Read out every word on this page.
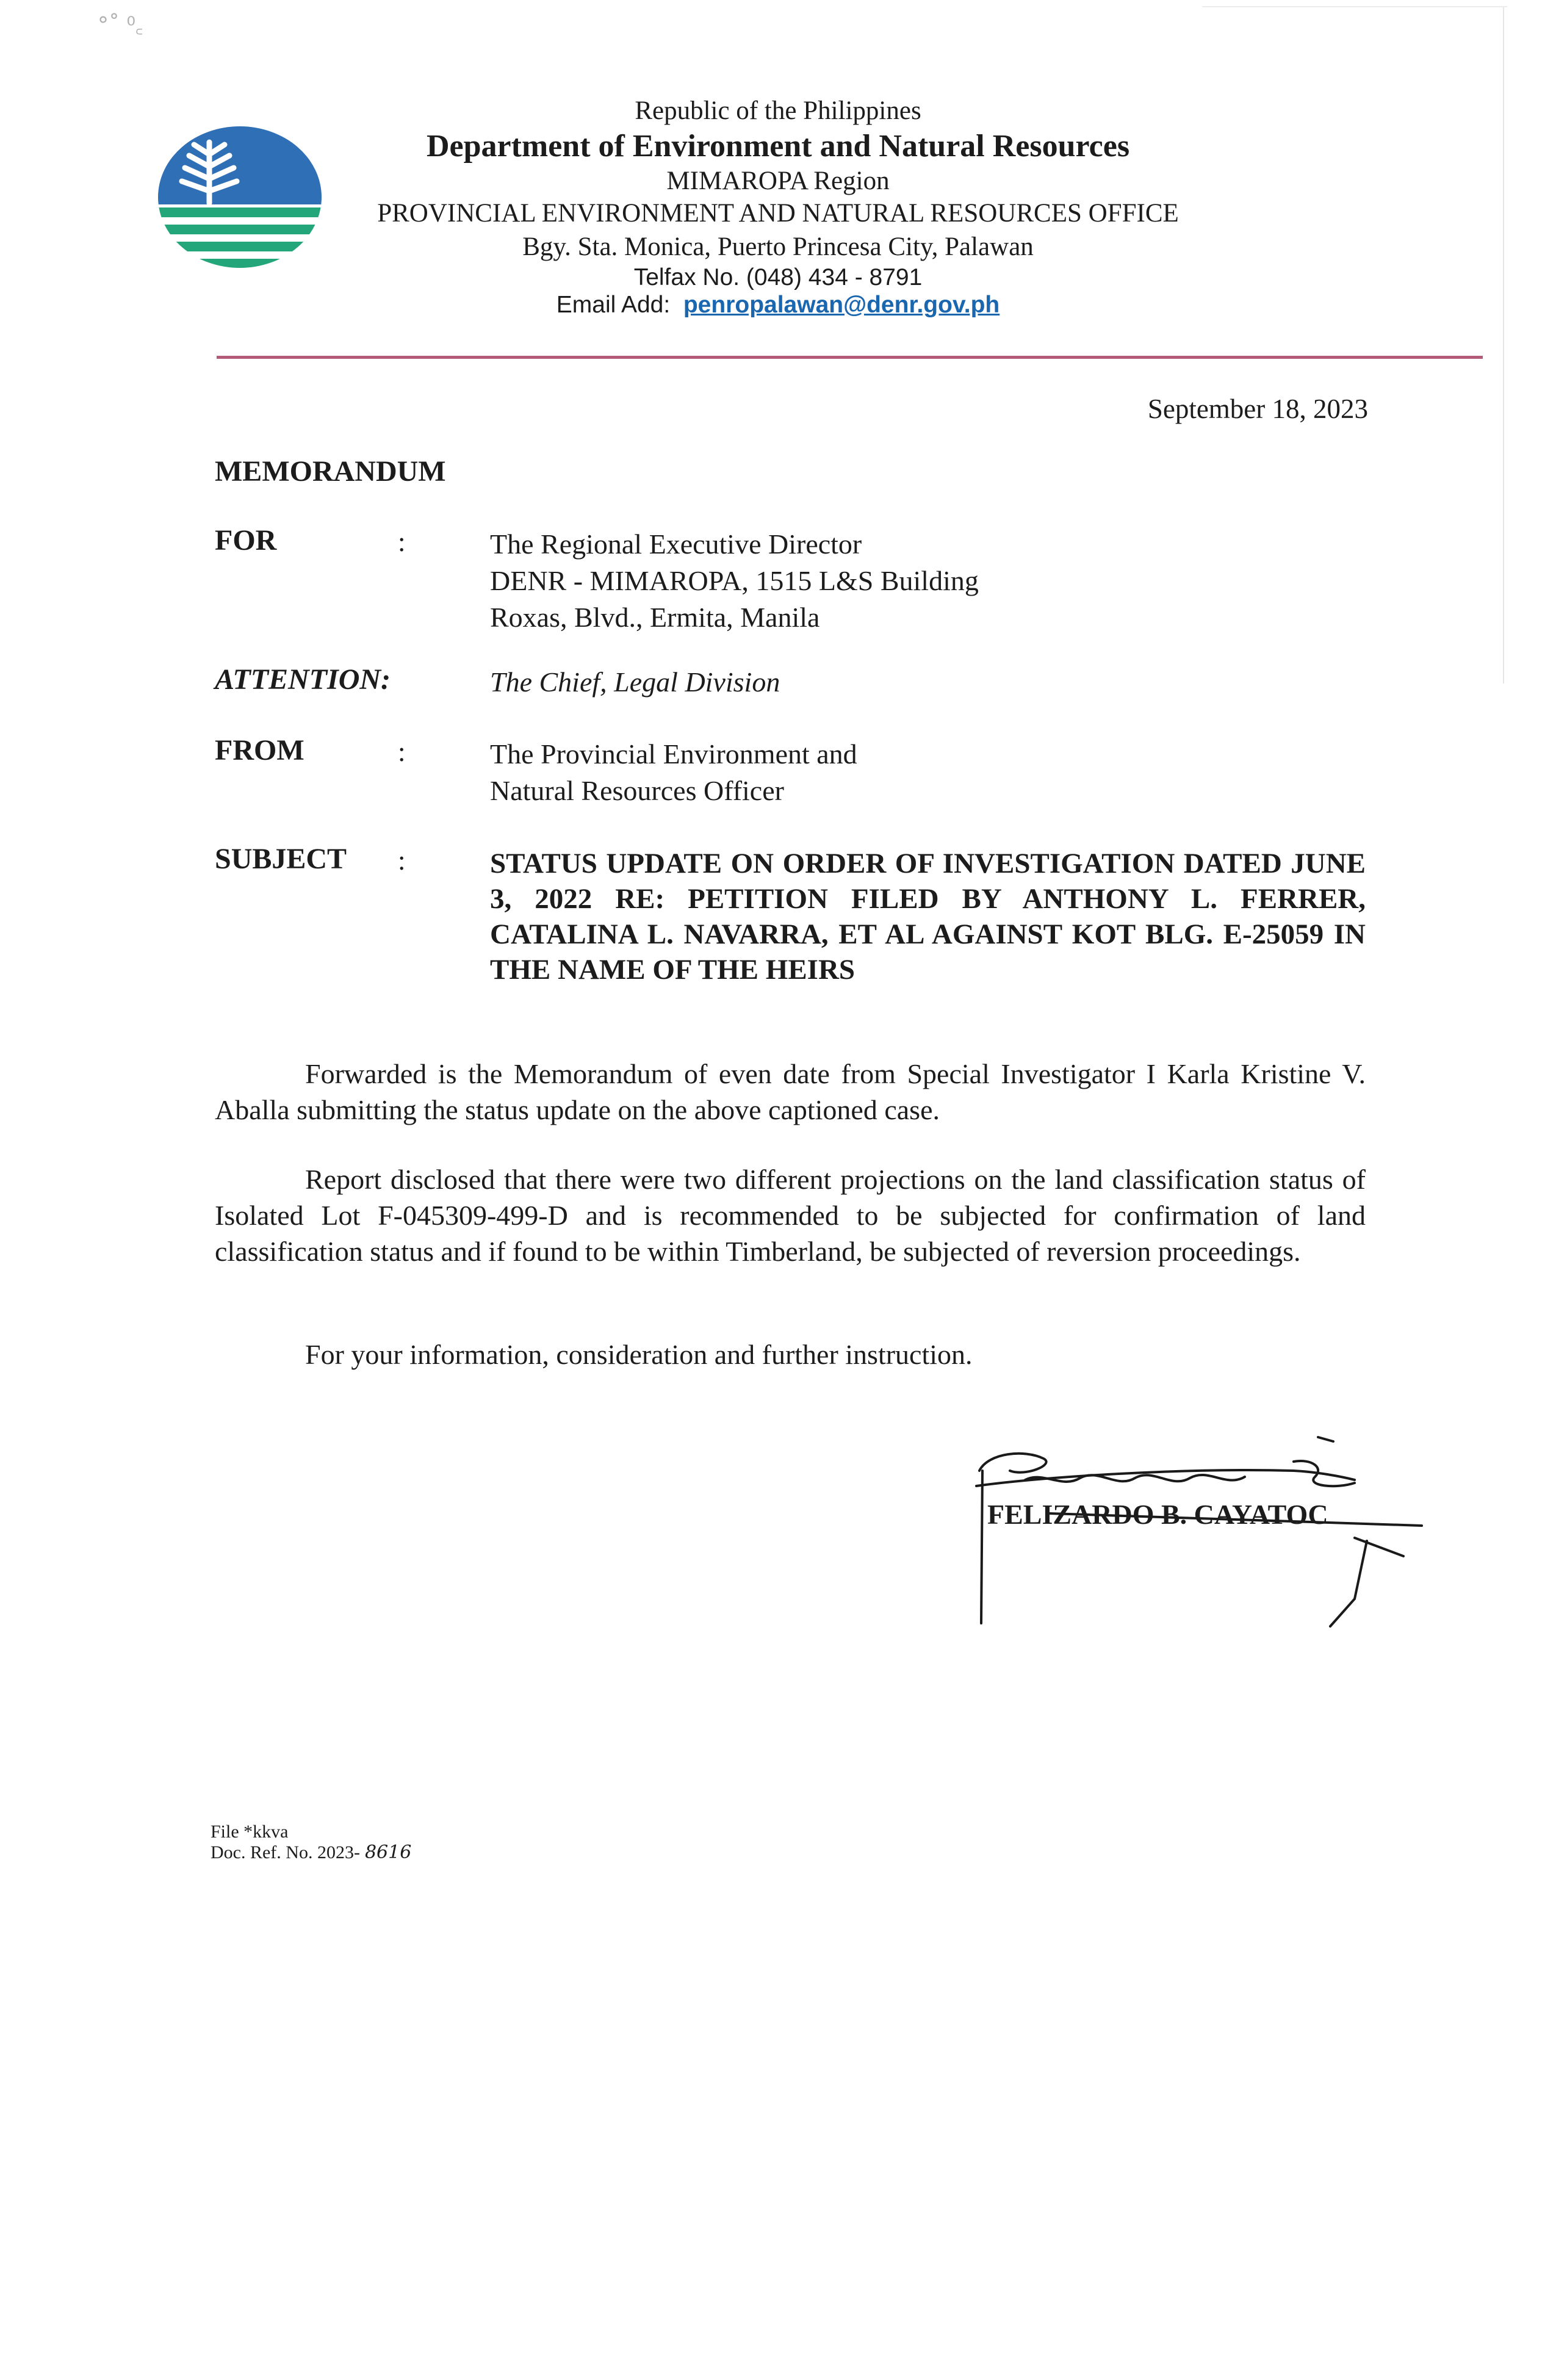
°˚ ⁰꜀
Republic of the Philippines
Department of Environment and Natural Resources
MIMAROPA Region
PROVINCIAL ENVIRONMENT AND NATURAL RESOURCES OFFICE
Bgy. Sta. Monica, Puerto Princesa City, Palawan
Telfax No. (048) 434 - 8791
Email Add: penropalawan@denr.gov.ph
September 18, 2023
MEMORANDUM
FOR	:	The Regional Executive Director
DENR - MIMAROPA, 1515 L&S Building
Roxas, Blvd., Ermita, Manila
ATTENTION:	The Chief, Legal Division
FROM	:	The Provincial Environment and
Natural Resources Officer
SUBJECT :	STATUS UPDATE ON ORDER OF INVESTIGATION DATED JUNE 3, 2022 RE: PETITION FILED BY ANTHONY L. FERRER, CATALINA L. NAVARRA, ET AL AGAINST KOT BLG. E-25059 IN THE NAME OF THE HEIRS
Forwarded is the Memorandum of even date from Special Investigator I Karla Kristine V. Aballa submitting the status update on the above captioned case.
Report disclosed that there were two different projections on the land classification status of Isolated Lot F-045309-499-D and is recommended to be subjected for confirmation of land classification status and if found to be within Timberland, be subjected of reversion proceedings.
For your information, consideration and further instruction.
FELIZARDO B. CAYATOC
File *kkva
Doc. Ref. No. 2023- 8616
